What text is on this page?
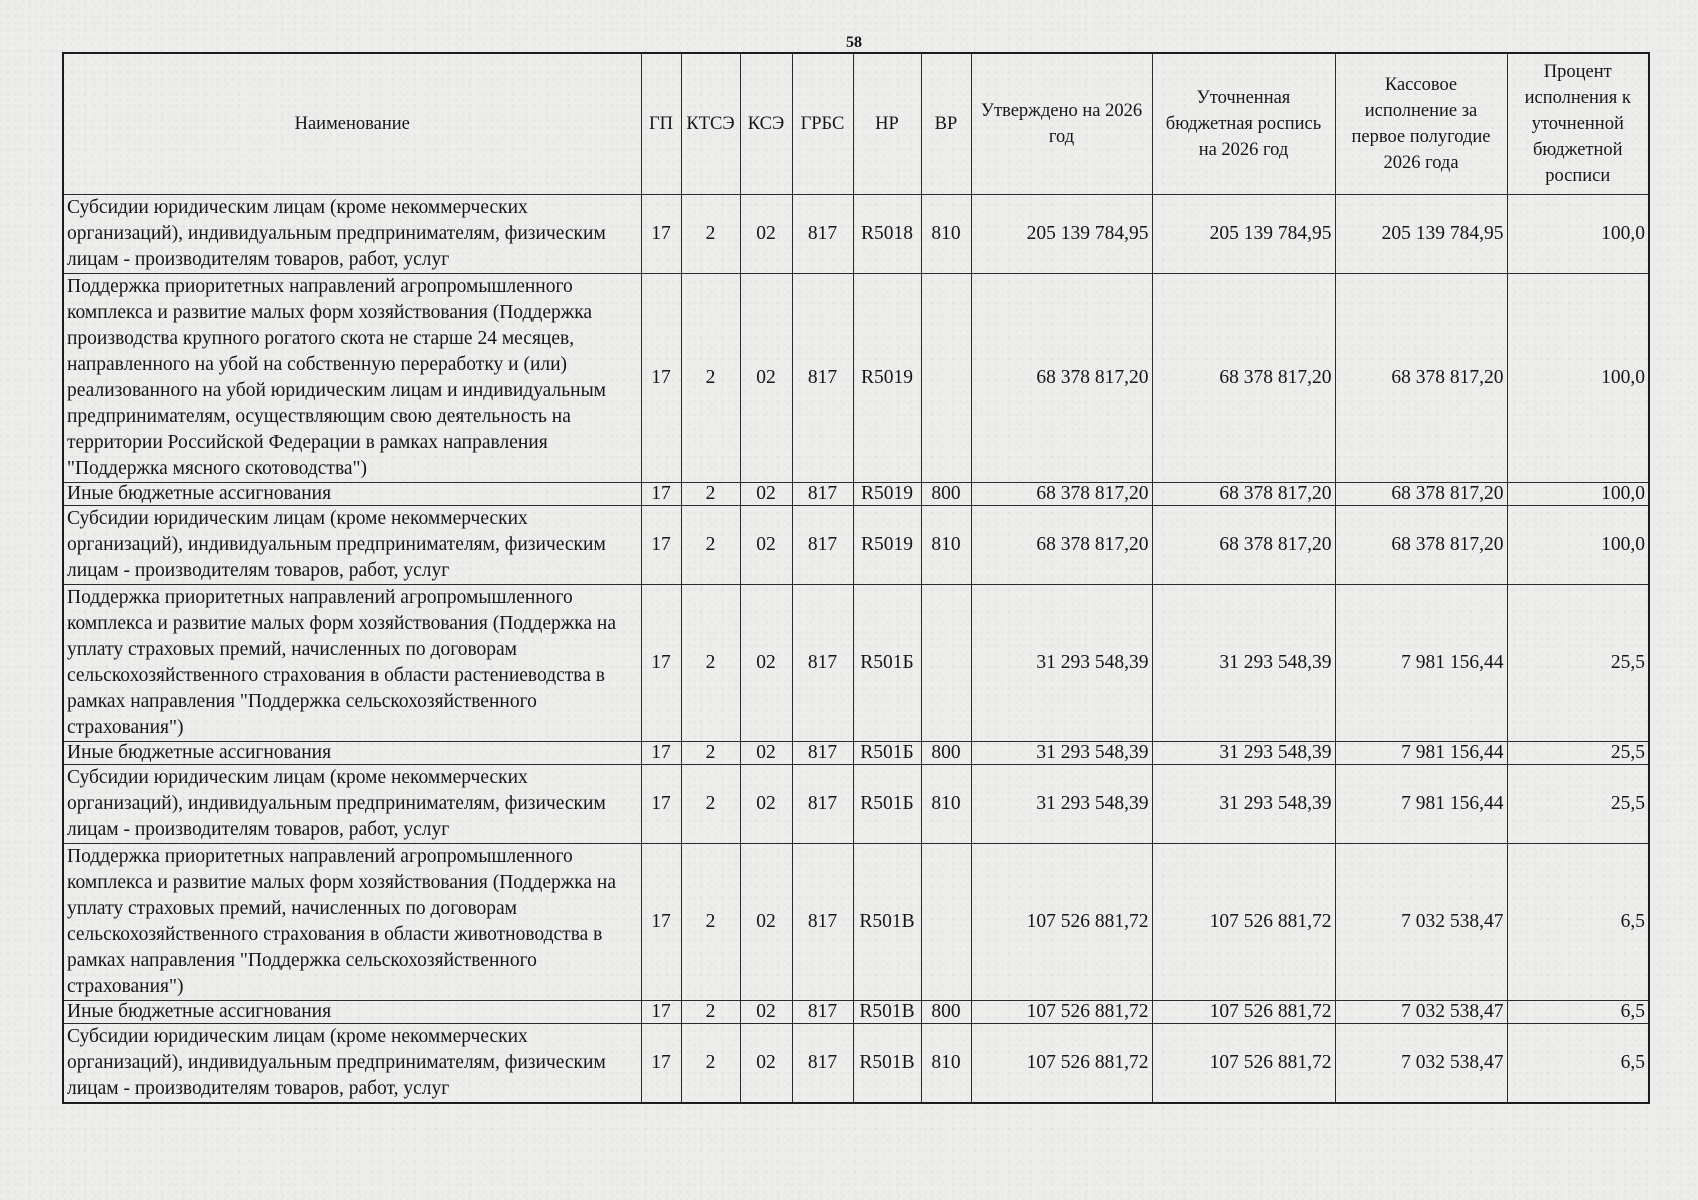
58
Наименование	ГП	КТСЭ	КСЭ	ГРБС	НР	ВР	Утверждено на 2026 год	Уточненная бюджетная роспись на 2026 год	Кассовое исполнение за первое полугодие 2026 года	Процент исполнения к уточненной бюджетной росписи
Субсидии юридическим лицам (кроме некоммерческих организаций), индивидуальным предпринимателям, физическим лицам - производителям товаров, работ, услуг	17	2	02	817	R5018	810	205 139 784,95	205 139 784,95	205 139 784,95	100,0
Поддержка приоритетных направлений агропромышленного комплекса и развитие малых форм хозяйствования (Поддержка производства крупного рогатого скота не старше 24 месяцев, направленного на убой на собственную переработку и (или) реализованного на убой юридическим лицам и индивидуальным предпринимателям, осуществляющим свою деятельность на территории Российской Федерации в рамках направления "Поддержка мясного скотоводства")	17	2	02	817	R5019		68 378 817,20	68 378 817,20	68 378 817,20	100,0
Иные бюджетные ассигнования	17	2	02	817	R5019	800	68 378 817,20	68 378 817,20	68 378 817,20	100,0
Субсидии юридическим лицам (кроме некоммерческих организаций), индивидуальным предпринимателям, физическим лицам - производителям товаров, работ, услуг	17	2	02	817	R5019	810	68 378 817,20	68 378 817,20	68 378 817,20	100,0
Поддержка приоритетных направлений агропромышленного комплекса и развитие малых форм хозяйствования (Поддержка на уплату страховых премий, начисленных по договорам сельскохозяйственного страхования в области растениеводства в рамках направления "Поддержка сельскохозяйственного страхования")	17	2	02	817	R501Б		31 293 548,39	31 293 548,39	7 981 156,44	25,5
Иные бюджетные ассигнования	17	2	02	817	R501Б	800	31 293 548,39	31 293 548,39	7 981 156,44	25,5
Субсидии юридическим лицам (кроме некоммерческих организаций), индивидуальным предпринимателям, физическим лицам - производителям товаров, работ, услуг	17	2	02	817	R501Б	810	31 293 548,39	31 293 548,39	7 981 156,44	25,5
Поддержка приоритетных направлений агропромышленного комплекса и развитие малых форм хозяйствования (Поддержка на уплату страховых премий, начисленных по договорам сельскохозяйственного страхования в области животноводства в рамках направления "Поддержка сельскохозяйственного страхования")	17	2	02	817	R501В		107 526 881,72	107 526 881,72	7 032 538,47	6,5
Иные бюджетные ассигнования	17	2	02	817	R501В	800	107 526 881,72	107 526 881,72	7 032 538,47	6,5
Субсидии юридическим лицам (кроме некоммерческих организаций), индивидуальным предпринимателям, физическим лицам - производителям товаров, работ, услуг	17	2	02	817	R501В	810	107 526 881,72	107 526 881,72	7 032 538,47	6,5
